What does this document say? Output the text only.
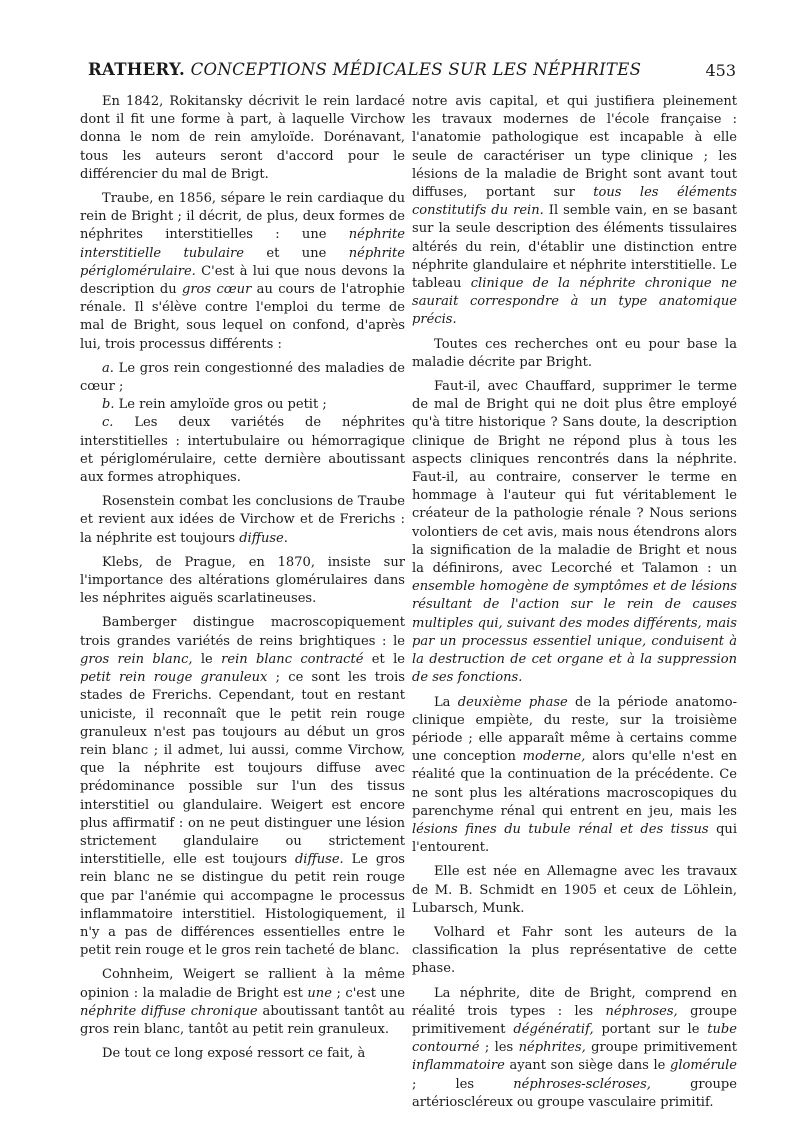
RATHERY. CONCEPTIONS MÉDICALES SUR LES NÉPHRITES	453

En 1842, Rokitansky décrivit le rein lardacé dont il fit une forme à part, à laquelle Virchow donna le nom de rein amyloïde. Dorénavant, tous les auteurs seront d'accord pour le différencier du mal de Brigt.

Traube, en 1856, sépare le rein cardiaque du rein de Bright ; il décrit, de plus, deux formes de néphrites interstitielles : une néphrite interstitielle tubulaire et une néphrite périglomérulaire. C'est à lui que nous devons la description du gros cœur au cours de l'atrophie rénale. Il s'élève contre l'emploi du terme de mal de Bright, sous lequel on confond, d'après lui, trois processus différents :

a. Le gros rein congestionné des maladies de cœur ;

b. Le rein amyloïde gros ou petit ;

c. Les deux variétés de néphrites interstitielles : intertubulaire ou hémorragique et périglomérulaire, cette dernière aboutissant aux formes atrophiques.

Rosenstein combat les conclusions de Traube et revient aux idées de Virchow et de Frerichs : la néphrite est toujours diffuse.

Klebs, de Prague, en 1870, insiste sur l'importance des altérations glomérulaires dans les néphrites aiguës scarlatineuses.

Bamberger distingue macroscopiquement trois grandes variétés de reins brightiques : le gros rein blanc, le rein blanc contracté et le petit rein rouge granuleux ; ce sont les trois stades de Frerichs. Cependant, tout en restant uniciste, il reconnaît que le petit rein rouge granuleux n'est pas toujours au début un gros rein blanc ; il admet, lui aussi, comme Virchow, que la néphrite est toujours diffuse avec prédominance possible sur l'un des tissus interstitiel ou glandulaire. Weigert est encore plus affirmatif : on ne peut distinguer une lésion strictement glandulaire ou strictement interstitielle, elle est toujours diffuse. Le gros rein blanc ne se distingue du petit rein rouge que par l'anémie qui accompagne le processus inflammatoire interstitiel. Histologiquement, il n'y a pas de différences essentielles entre le petit rein rouge et le gros rein tacheté de blanc.

Cohnheim, Weigert se rallient à la même opinion : la maladie de Bright est une ; c'est une néphrite diffuse chronique aboutissant tantôt au gros rein blanc, tantôt au petit rein granuleux.

De tout ce long exposé ressort ce fait, à

notre avis capital, et qui justifiera pleinement les travaux modernes de l'école française : l'anatomie pathologique est incapable à elle seule de caractériser un type clinique ; les lésions de la maladie de Bright sont avant tout diffuses, portant sur tous les éléments constitutifs du rein. Il semble vain, en se basant sur la seule description des éléments tissulaires altérés du rein, d'établir une distinction entre néphrite glandulaire et néphrite interstitielle. Le tableau clinique de la néphrite chronique ne saurait correspondre à un type anatomique précis.

Toutes ces recherches ont eu pour base la maladie décrite par Bright.

Faut-il, avec Chauffard, supprimer le terme de mal de Bright qui ne doit plus être employé qu'à titre historique ? Sans doute, la description clinique de Bright ne répond plus à tous les aspects cliniques rencontrés dans la néphrite. Faut-il, au contraire, conserver le terme en hommage à l'auteur qui fut véritablement le créateur de la pathologie rénale ? Nous serions volontiers de cet avis, mais nous étendrons alors la signification de la maladie de Bright et nous la définirons, avec Lecorché et Talamon : un ensemble homogène de symptômes et de lésions résultant de l'action sur le rein de causes multiples qui, suivant des modes différents, mais par un processus essentiel unique, conduisent à la destruction de cet organe et à la suppression de ses fonctions.

La deuxième phase de la période anatomo-clinique empiète, du reste, sur la troisième période ; elle apparaît même à certains comme une conception moderne, alors qu'elle n'est en réalité que la continuation de la précédente. Ce ne sont plus les altérations macroscopiques du parenchyme rénal qui entrent en jeu, mais les lésions fines du tubule rénal et des tissus qui l'entourent.

Elle est née en Allemagne avec les travaux de M. B. Schmidt en 1905 et ceux de Löhlein, Lubarsch, Munk.

Volhard et Fahr sont les auteurs de la classification la plus représentative de cette phase.

La néphrite, dite de Bright, comprend en réalité trois types : les néphroses, groupe primitivement dégénératif, portant sur le tube contourné ; les néphrites, groupe primitivement inflammatoire ayant son siège dans le glomérule ; les néphroses-scléroses, groupe artérioscléreux ou groupe vasculaire primitif.
